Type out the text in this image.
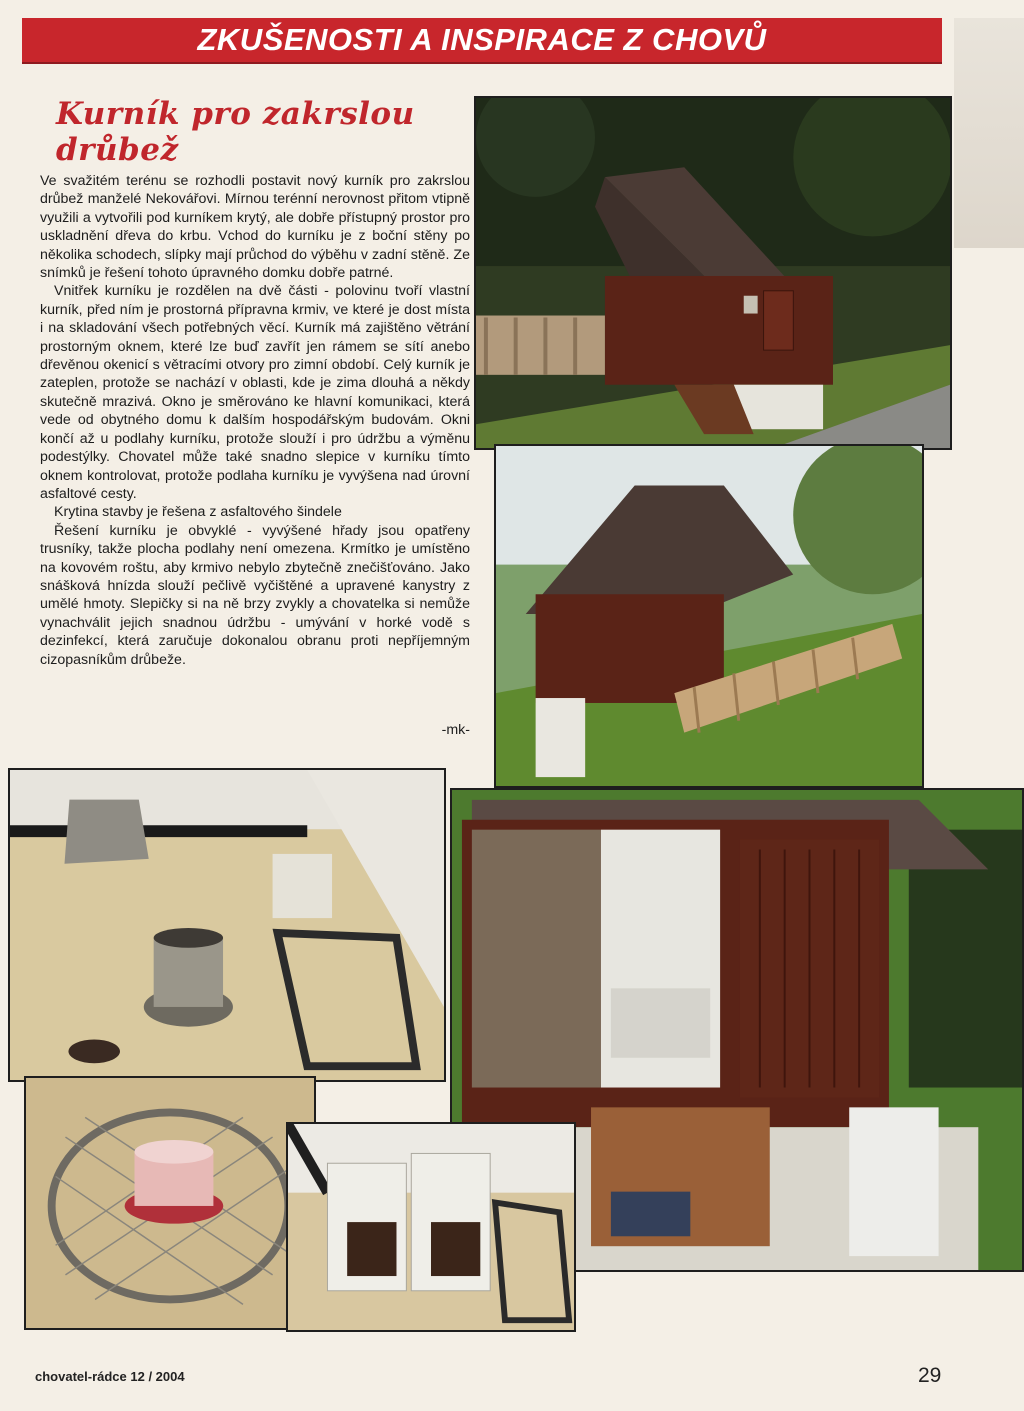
ZKUŠENOSTI A INSPIRACE Z CHOVŮ
Kurník pro zakrslou drůbež

Ve svažitém terénu se rozhodli postavit nový kurník pro zakrslou drůbež manželé Nekovářovi. Mírnou terénní nerovnost přitom vtipně využili a vytvořili pod kurníkem krytý, ale dobře přístupný prostor pro uskladnění dřeva do krbu. Vchod do kurníku je z boční stěny po několika schodech, slípky mají průchod do výběhu v zadní stěně. Ze snímků je řešení tohoto úpravného domku dobře patrné.

Vnitřek kurníku je rozdělen na dvě části - polovinu tvoří vlastní kurník, před ním je prostorná přípravna krmiv, ve které je dost místa i na skladování všech potřebných věcí. Kurník má zajištěno větrání prostorným oknem, které lze buď zavřít jen rámem se sítí anebo dřevěnou okenicí s větracími otvory pro zimní období. Celý kurník je zateplen, protože se nachází v oblasti, kde je zima dlouhá a někdy skutečně mrazivá. Okno je směrováno ke hlavní komunikaci, která vede od obytného domu k dalším hospodářským budovám. Okni končí až u podlahy kurníku, protože slouží i pro údržbu a výměnu podestýlky. Chovatel může také snadno slepice v kurníku tímto oknem kontrolovat, protože podlaha kurníku je vyvýšena nad úrovní asfaltové cesty.

Krytina stavby je řešena z asfaltového šindele

Řešení kurníku je obvyklé - vyvýšené hřady jsou opatřeny trusníky, takže plocha podlahy není omezena. Krmítko je umístěno na kovovém roštu, aby krmivo nebylo zbytečně znečišťováno. Jako snášková hnízda slouží pečlivě vyčištěné a upravené kanystry z umělé hmoty. Slepičky si na ně brzy zvykly a chovatelka si nemůže vynachválit jejich snadnou údržbu - umývání v horké vodě s dezinfekcí, která zaručuje dokonalou obranu proti nepříjemným cizopasníkům drůbeže.

-mk-
chovatel-rádce 12 / 2004	29
